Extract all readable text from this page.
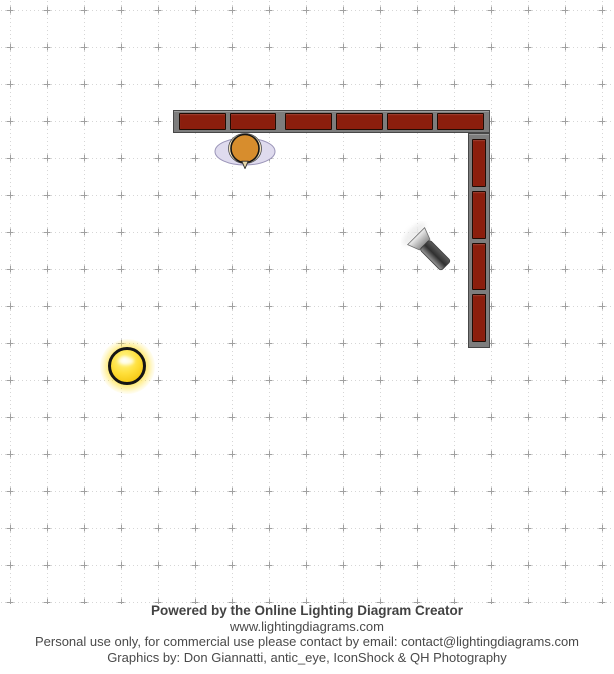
Powered by the Online Lighting Diagram Creator

www.lightingdiagrams.com

Personal use only, for commercial use please contact by email: contact@lightingdiagrams.com

Graphics by: Don Giannatti, antic_eye, IconShock & QH Photography
